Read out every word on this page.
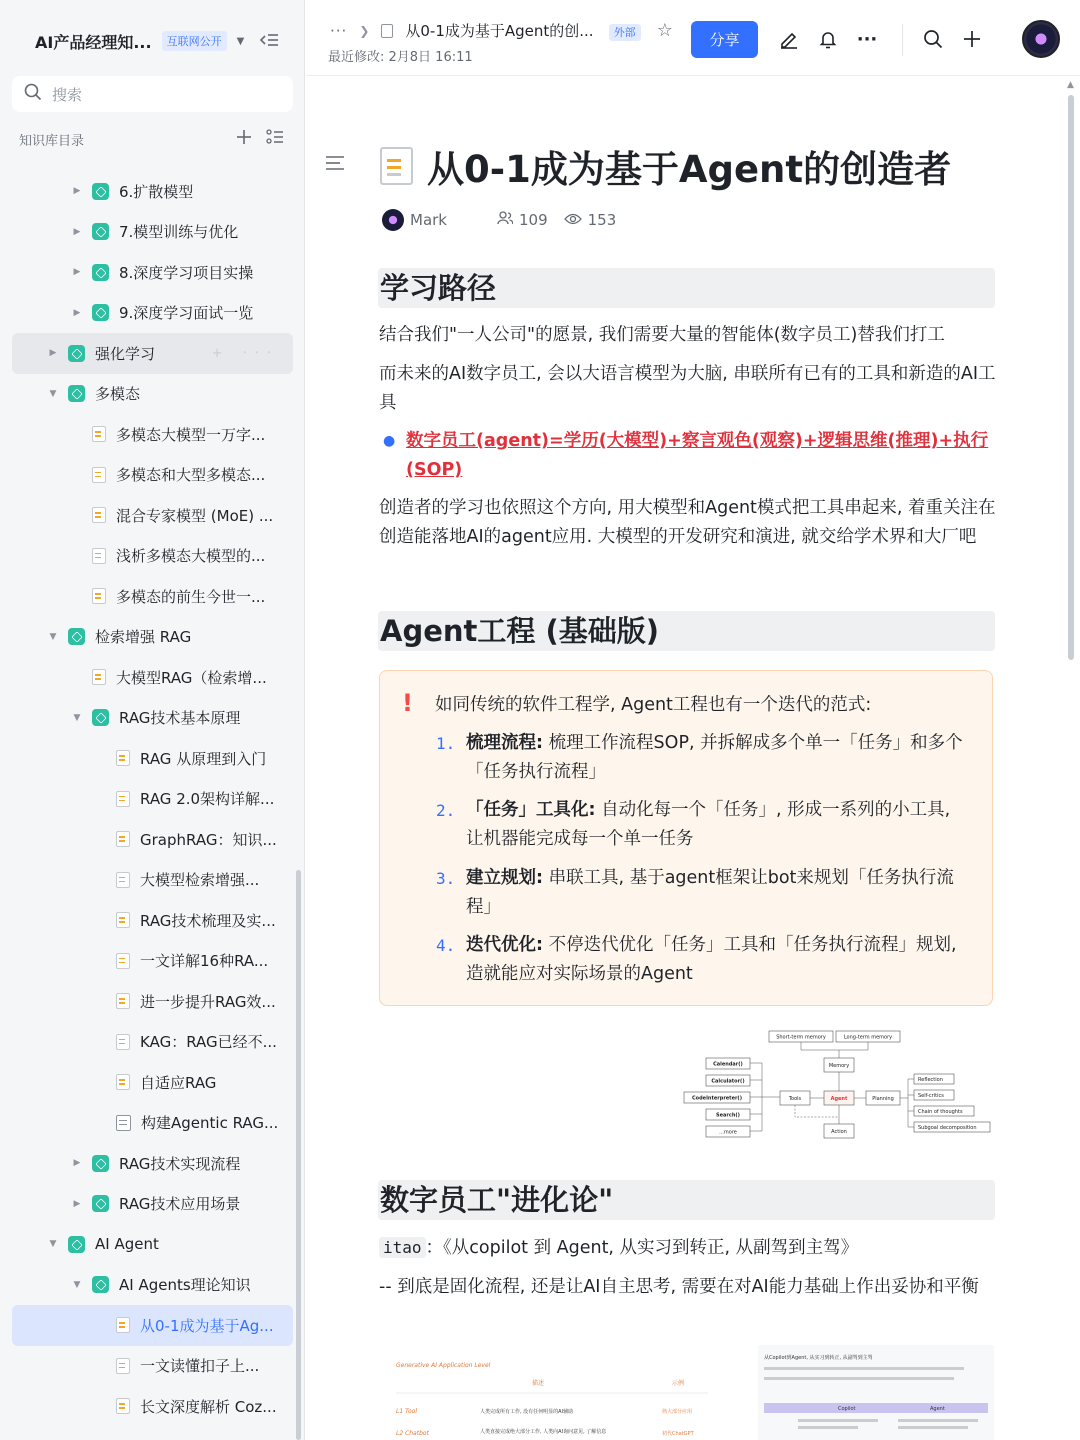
AI产品经理知...	互联网公开	▼
搜索
知识库目录
▶	6.扩散模型
▶	7.模型训练与优化
▶	8.深度学习项目实操
▶	9.深度学习面试一览
▶	强化学习	+ ···
▼	多模态
多模态大模型一万字...
多模态和大型多模态...
混合专家模型 (MoE) ...
浅析多模态大模型的...
多模态的前生今世一...
▼	检索增强 RAG
大模型RAG（检索增...
▼	RAG技术基本原理
RAG 从原理到入门
RAG 2.0架构详解...
GraphRAG：知识...
大模型检索增强...
RAG技术梳理及实...
一文详解16种RA...
进一步提升RAG效...
KAG：RAG已经不...
自适应RAG
构建Agentic RAG...
▶	RAG技术实现流程
▶	RAG技术应用场景
▼	AI Agent
▼	AI Agents理论知识
从0-1成为基于Ag...
一文读懂扣子上...
长文深度解析 Coz...
··· ❯ 从0-1成为基于Agent的创... 外部 ☆
最近修改: 2月8日 16:11
分享	···
从0-1成为基于Agent的创造者
Mark	109	153
学习路径

结合我们"一人公司"的愿景, 我们需要大量的智能体(数字员工)替我们打工

而未来的AI数字员工, 会以大语言模型为大脑, 串联所有已有的工具和新造的AI工具

● 数字员工(agent)=学历(大模型)+察言观色(观察)+逻辑思维(推理)+执行(SOP)

创造者的学习也依照这个方向, 用大模型和Agent模式把工具串起来, 着重关注在创造能落地AI的agent应用. 大模型的开发研究和演进, 就交给学术界和大厂吧

Agent工程 (基础版)
! 如同传统的软件工程学, Agent工程也有一个迭代的范式:
1. 梳理流程: 梳理工作流程SOP, 并拆解成多个单一「任务」和多个「任务执行流程」
2. 「任务」工具化: 自动化每一个「任务」, 形成一系列的小工具, 让机器能完成每一个单一任务
3. 建立规划: 串联工具, 基于agent框架让bot来规划「任务执行流程」
4. 迭代优化: 不停迭代优化「任务」工具和「任务执行流程」规划, 造就能应对实际场景的Agent
Short-term memory	Long-term memory
Memory
Calendar()
Calculator()
CodeInterpreter()
Search()
...more
Tools	Agent	Planning
Action
Reflection
Self-critics
Chain of thoughts
Subgoal decomposition
数字员工"进化论"

itao ：《从copilot 到 Agent, 从实习到转正, 从副驾到主驾》

-- 到底是固化流程, 还是让AI自主思考, 需要在对AI能力基础上作出妥协和平衡

Generative AI Application Level
描述	示例
L1 Tool	人类完成所有工作, 没有任何明显的AI辅助	熟大部分应用
L2 Chatbot	人类直接完成绝大部分工作, 人类向AI询问意见, 了解信息	初代ChatGPT
从Copilot到Agent, 从实习到转正, 从副驾到主驾
Copilot	Agent
▲
